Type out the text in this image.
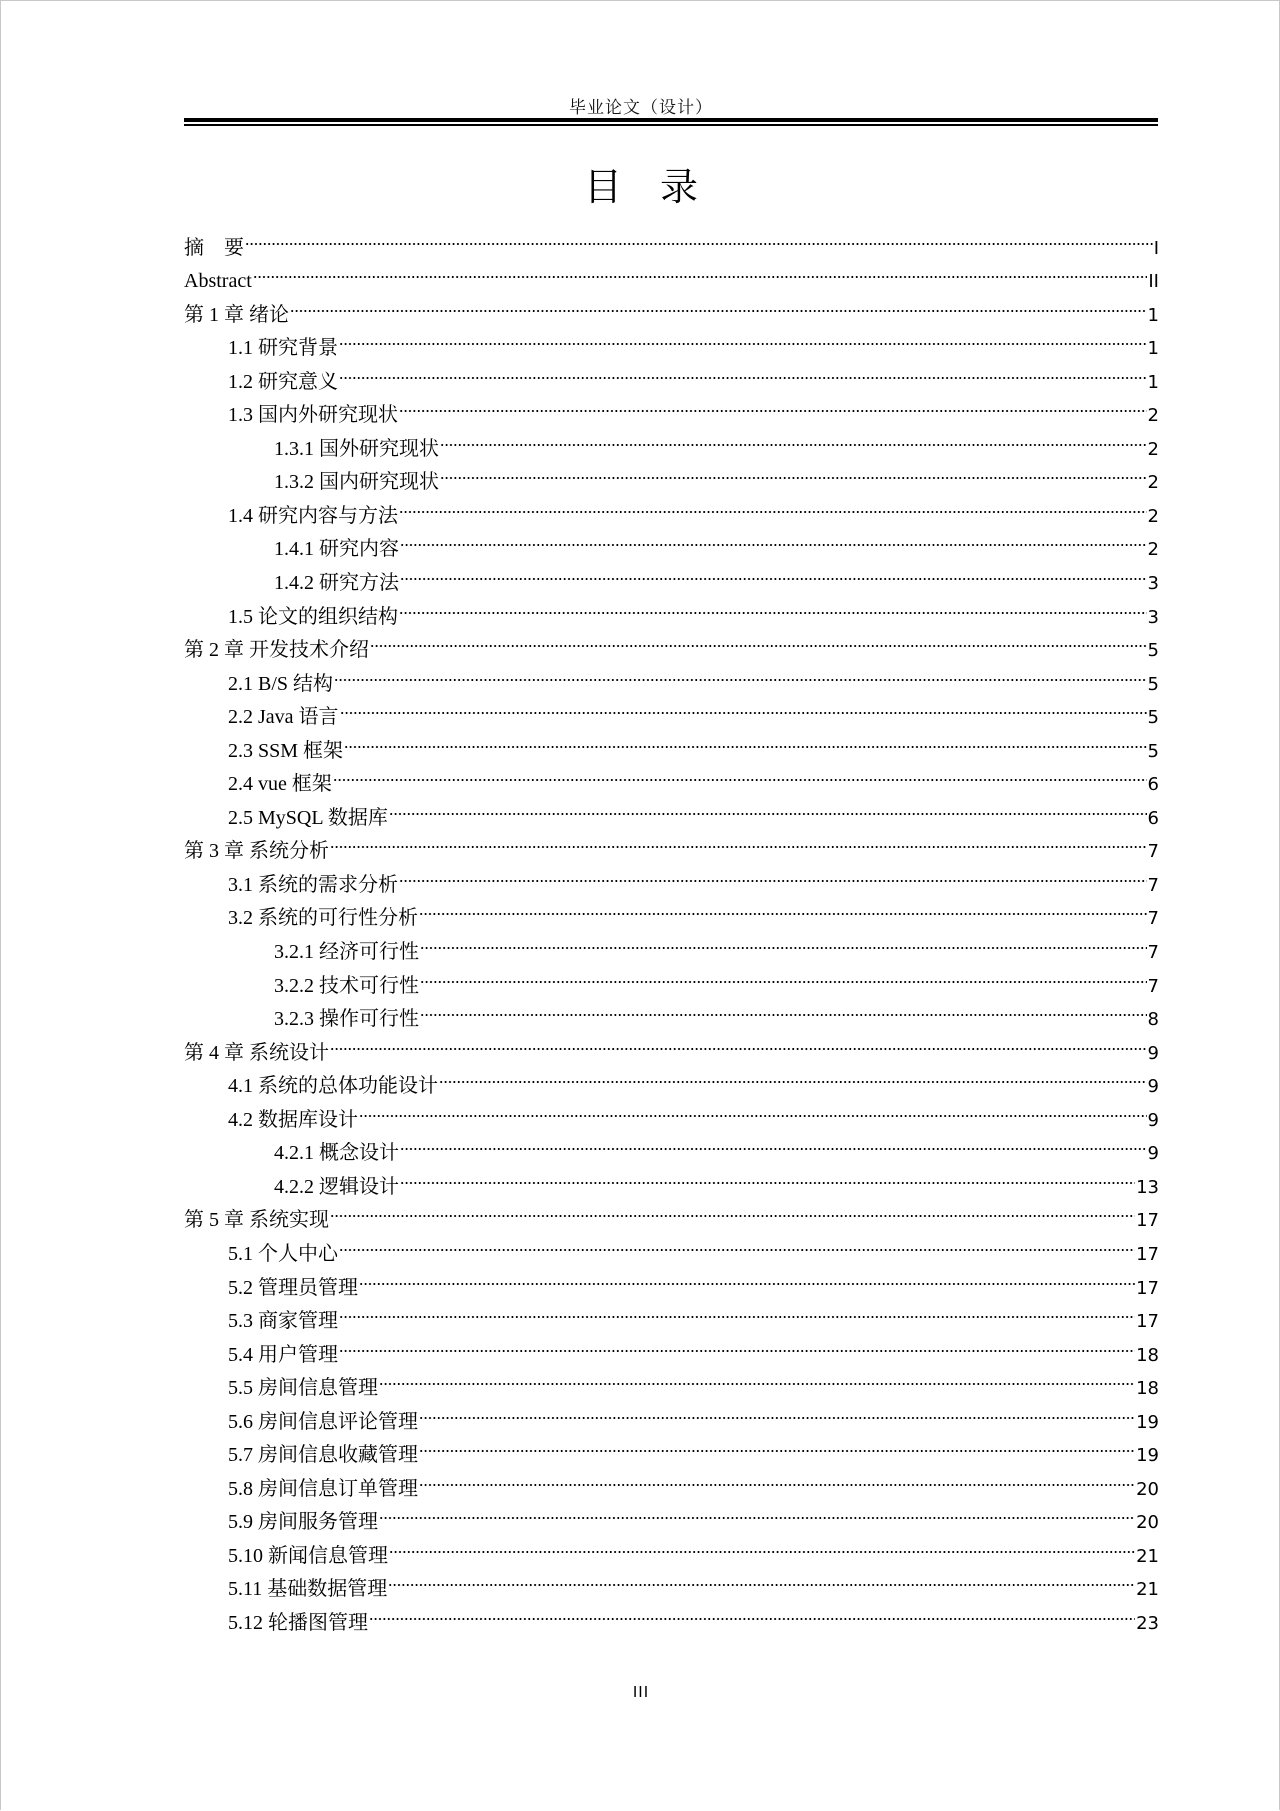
毕业论文（设计）
目录
摘　要	I
Abstract	II
第 1 章 绪论	1
1.1 研究背景	1
1.2 研究意义	1
1.3 国内外研究现状	2
1.3.1 国外研究现状	2
1.3.2 国内研究现状	2
1.4 研究内容与方法	2
1.4.1 研究内容	2
1.4.2 研究方法	3
1.5 论文的组织结构	3
第 2 章 开发技术介绍	5
2.1 B/S 结构	5
2.2 Java 语言	5
2.3 SSM 框架	5
2.4 vue 框架	6
2.5 MySQL 数据库	6
第 3 章 系统分析	7
3.1 系统的需求分析	7
3.2 系统的可行性分析	7
3.2.1 经济可行性	7
3.2.2 技术可行性	7
3.2.3 操作可行性	8
第 4 章 系统设计	9
4.1 系统的总体功能设计	9
4.2 数据库设计	9
4.2.1 概念设计	9
4.2.2 逻辑设计	13
第 5 章 系统实现	17
5.1 个人中心	17
5.2 管理员管理	17
5.3 商家管理	17
5.4 用户管理	18
5.5 房间信息管理	18
5.6 房间信息评论管理	19
5.7 房间信息收藏管理	19
5.8 房间信息订单管理	20
5.9 房间服务管理	20
5.10 新闻信息管理	21
5.11 基础数据管理	21
5.12 轮播图管理	23
III
